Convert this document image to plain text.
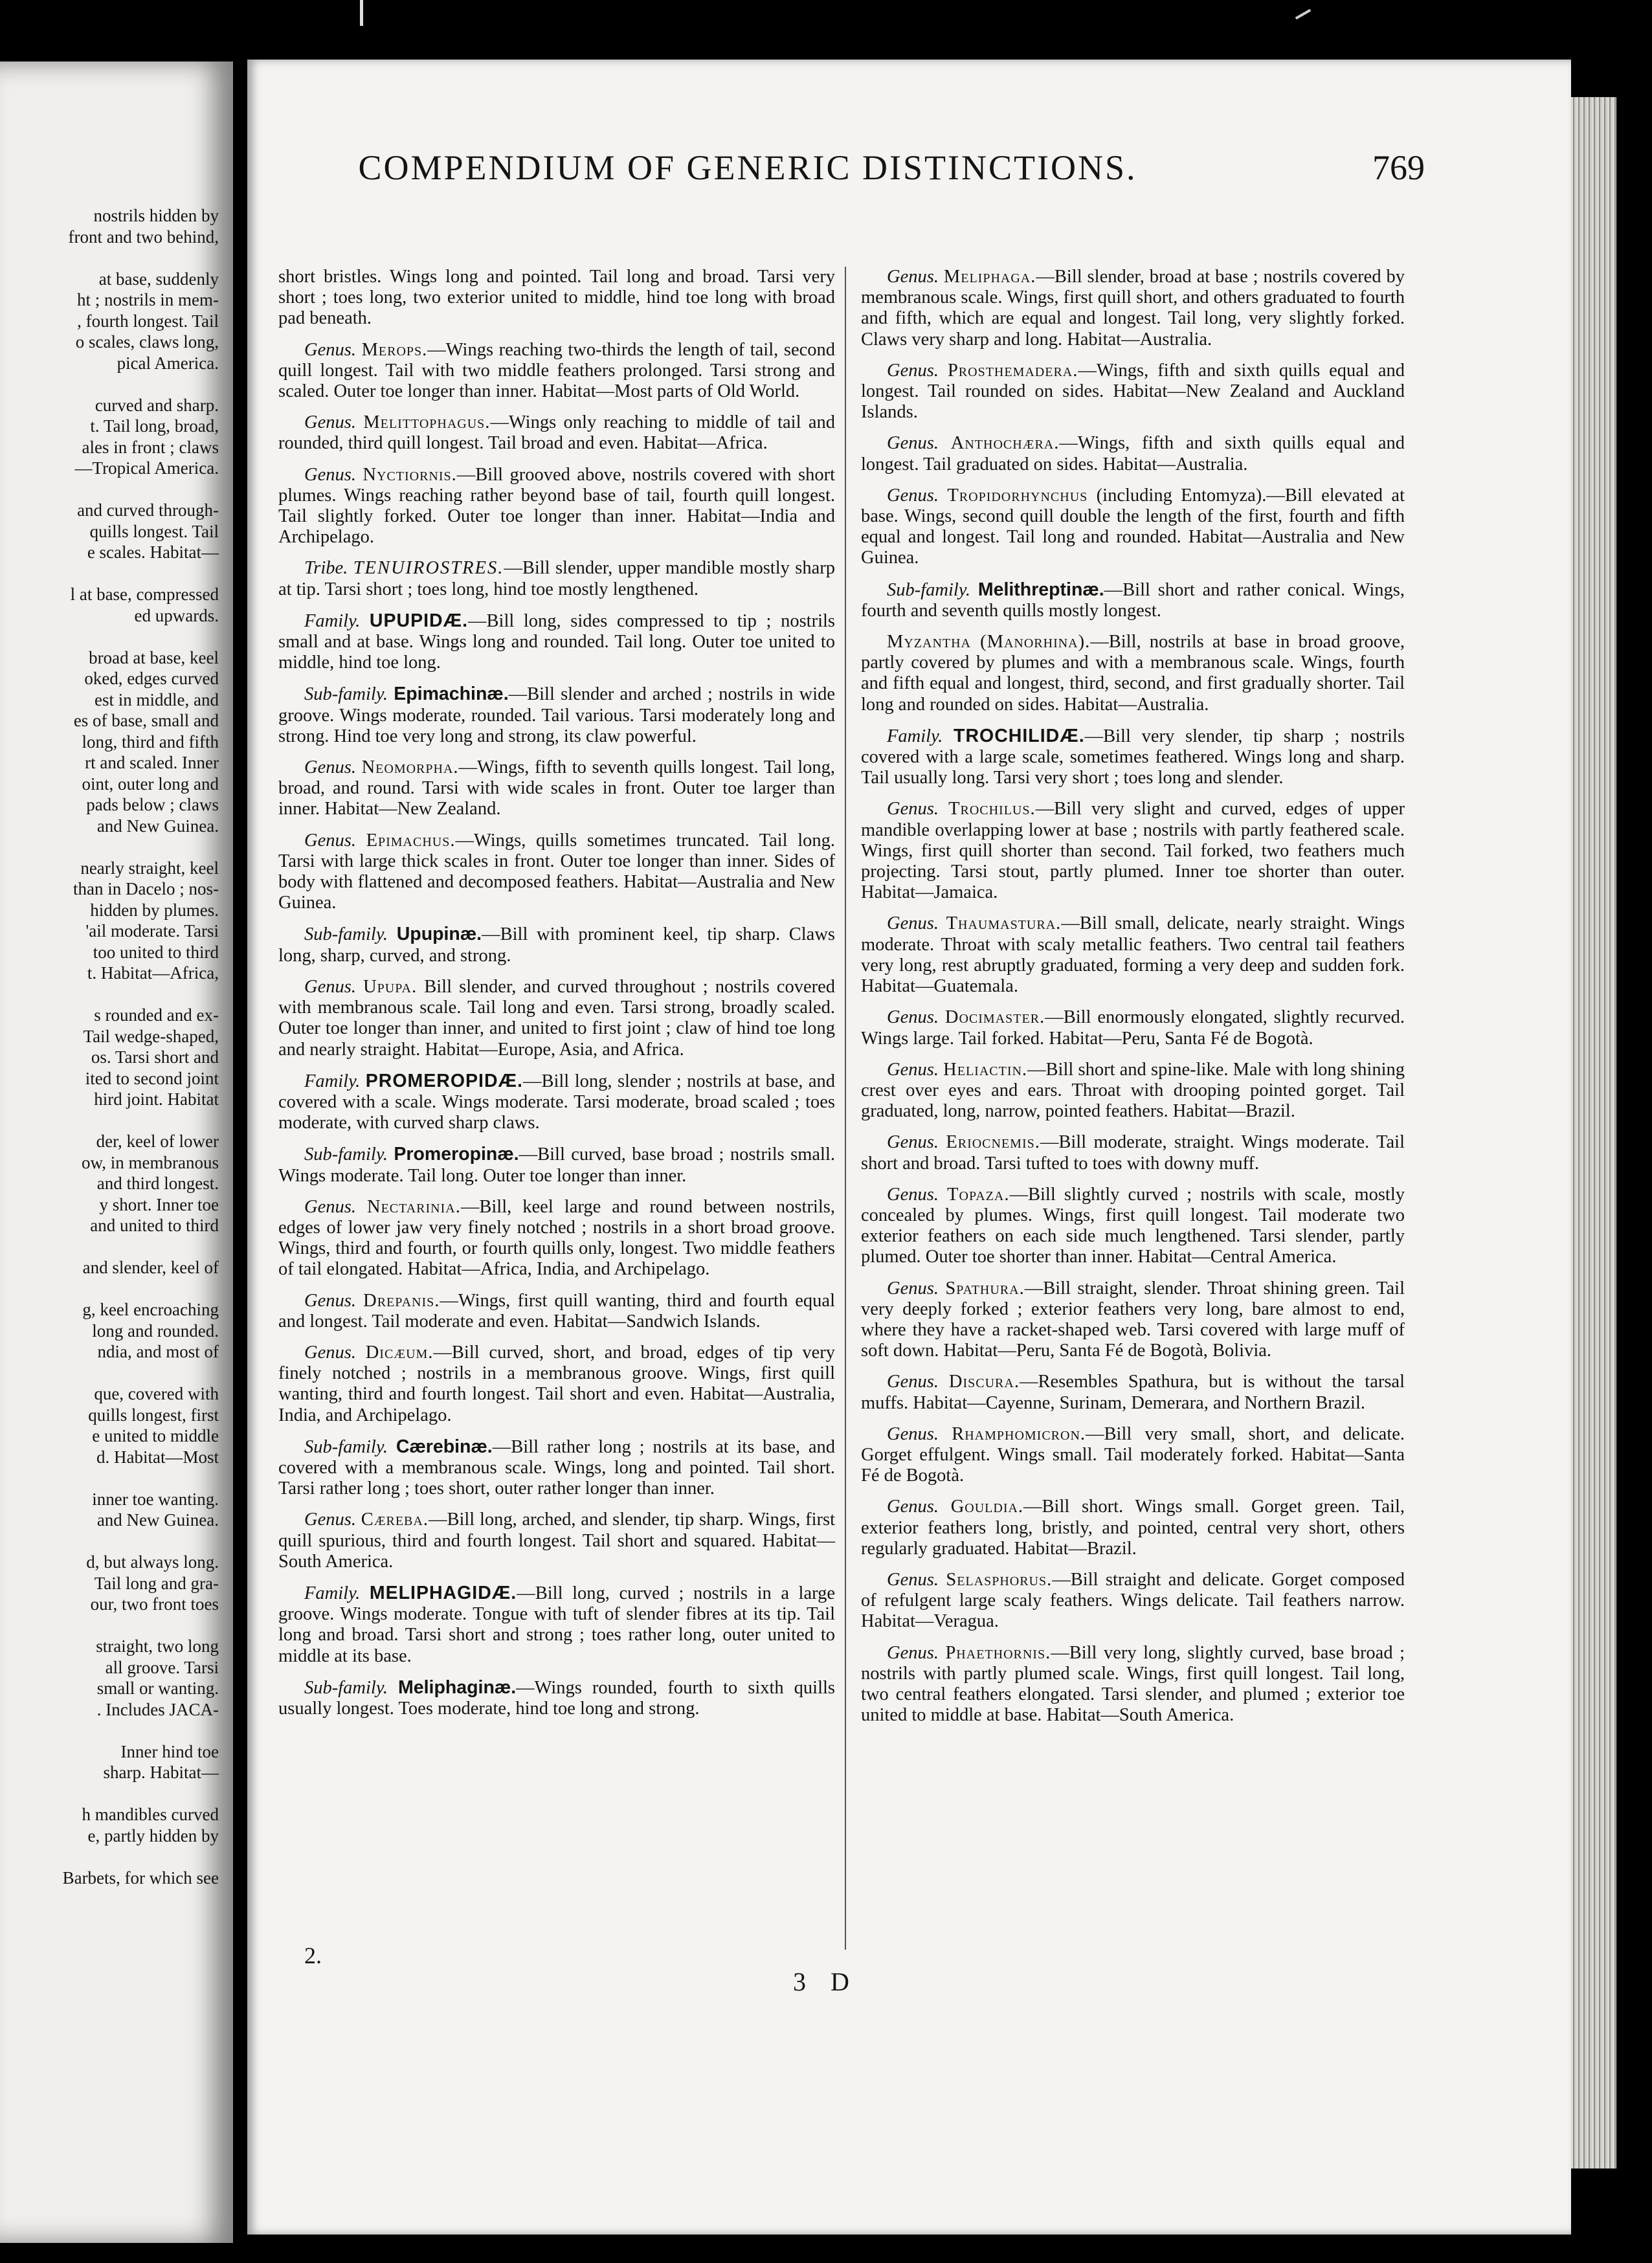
nostrils hidden by
front and two behind,
at base, suddenly
ht ; nostrils in mem-
, fourth longest. Tail
o scales, claws long,
pical America.
curved and sharp.
t. Tail long, broad,
ales in front ; claws
—Tropical America.
and curved through-
quills longest. Tail
e scales. Habitat—
l at base, compressed
ed upwards.
broad at base, keel
oked, edges curved
est in middle, and
es of base, small and
long, third and fifth
rt and scaled. Inner
oint, outer long and
pads below ; claws
and New Guinea.
nearly straight, keel
than in Dacelo ; nos-
hidden by plumes.
'ail moderate. Tarsi
too united to third
t. Habitat—Africa,
s rounded and ex-
Tail wedge-shaped,
os. Tarsi short and
ited to second joint
hird joint. Habitat
der, keel of lower
ow, in membranous
and third longest.
y short. Inner toe
and united to third
and slender, keel of
g, keel encroaching
long and rounded.
ndia, and most of
que, covered with
quills longest, first
e united to middle
d. Habitat—Most
inner toe wanting.
and New Guinea.
d, but always long.
Tail long and gra-
our, two front toes
straight, two long
all groove. Tarsi
small or wanting.
. Includes JACA-
Inner hind toe
sharp. Habitat—
h mandibles curved
e, partly hidden by
Barbets, for which see
COMPENDIUM OF GENERIC DISTINCTIONS.	769

short bristles. Wings long and pointed. Tail long and broad. Tarsi very short ; toes long, two exterior united to middle, hind toe long with broad pad beneath.

Genus. Merops.—Wings reaching two-thirds the length of tail, second quill longest. Tail with two middle feathers prolonged. Tarsi strong and scaled. Outer toe longer than inner. Habitat—Most parts of Old World.

Genus. Melittophagus.—Wings only reaching to middle of tail and rounded, third quill longest. Tail broad and even. Habitat—Africa.

Genus. Nyctiornis.—Bill grooved above, nostrils covered with short plumes. Wings reaching rather beyond base of tail, fourth quill longest. Tail slightly forked. Outer toe longer than inner. Habitat—India and Archipelago.

Tribe. TENUIROSTRES.—Bill slender, upper mandible mostly sharp at tip. Tarsi short ; toes long, hind toe mostly lengthened.

Family. UPUPIDÆ.—Bill long, sides compressed to tip ; nostrils small and at base. Wings long and rounded. Tail long. Outer toe united to middle, hind toe long.

Sub-family. Epimachinæ.—Bill slender and arched ; nostrils in wide groove. Wings moderate, rounded. Tail various. Tarsi moderately long and strong. Hind toe very long and strong, its claw powerful.

Genus. Neomorpha.—Wings, fifth to seventh quills longest. Tail long, broad, and round. Tarsi with wide scales in front. Outer toe larger than inner. Habitat—New Zealand.

Genus. Epimachus.—Wings, quills sometimes truncated. Tail long. Tarsi with large thick scales in front. Outer toe longer than inner. Sides of body with flattened and decomposed feathers. Habitat—Australia and New Guinea.

Sub-family. Upupinæ.—Bill with prominent keel, tip sharp. Claws long, sharp, curved, and strong.

Genus. Upupa. Bill slender, and curved throughout ; nostrils covered with membranous scale. Tail long and even. Tarsi strong, broadly scaled. Outer toe longer than inner, and united to first joint ; claw of hind toe long and nearly straight. Habitat—Europe, Asia, and Africa.

Family. PROMEROPIDÆ.—Bill long, slender ; nostrils at base, and covered with a scale. Wings moderate. Tarsi moderate, broad scaled ; toes moderate, with curved sharp claws.

Sub-family. Promeropinæ.—Bill curved, base broad ; nostrils small. Wings moderate. Tail long. Outer toe longer than inner.

Genus. Nectarinia.—Bill, keel large and round between nostrils, edges of lower jaw very finely notched ; nostrils in a short broad groove. Wings, third and fourth, or fourth quills only, longest. Two middle feathers of tail elongated. Habitat—Africa, India, and Archipelago.

Genus. Drepanis.—Wings, first quill wanting, third and fourth equal and longest. Tail moderate and even. Habitat—Sandwich Islands.

Genus. Dicæum.—Bill curved, short, and broad, edges of tip very finely notched ; nostrils in a membranous groove. Wings, first quill wanting, third and fourth longest. Tail short and even. Habitat—Australia, India, and Archipelago.

Sub-family. Cærebinæ.—Bill rather long ; nostrils at its base, and covered with a membranous scale. Wings, long and pointed. Tail short. Tarsi rather long ; toes short, outer rather longer than inner.

Genus. Cæreba.—Bill long, arched, and slender, tip sharp. Wings, first quill spurious, third and fourth longest. Tail short and squared. Habitat—South America.

Family. MELIPHAGIDÆ.—Bill long, curved ; nostrils in a large groove. Wings moderate. Tongue with tuft of slender fibres at its tip. Tail long and broad. Tarsi short and strong ; toes rather long, outer united to middle at its base.

Sub-family. Meliphaginæ.—Wings rounded, fourth to sixth quills usually longest. Toes moderate, hind toe long and strong.

Genus. Meliphaga.—Bill slender, broad at base ; nostrils covered by membranous scale. Wings, first quill short, and others graduated to fourth and fifth, which are equal and longest. Tail long, very slightly forked. Claws very sharp and long. Habitat—Australia.

Genus. Prosthemadera.—Wings, fifth and sixth quills equal and longest. Tail rounded on sides. Habitat—New Zealand and Auckland Islands.

Genus. Anthochæra.—Wings, fifth and sixth quills equal and longest. Tail graduated on sides. Habitat—Australia.

Genus. Tropidorhynchus (including Entomyza).—Bill elevated at base. Wings, second quill double the length of the first, fourth and fifth equal and longest. Tail long and rounded. Habitat—Australia and New Guinea.

Sub-family. Melithreptinæ.—Bill short and rather conical. Wings, fourth and seventh quills mostly longest.

Myzantha (Manorhina).—Bill, nostrils at base in broad groove, partly covered by plumes and with a membranous scale. Wings, fourth and fifth equal and longest, third, second, and first gradually shorter. Tail long and rounded on sides. Habitat—Australia.

Family. TROCHILIDÆ.—Bill very slender, tip sharp ; nostrils covered with a large scale, sometimes feathered. Wings long and sharp. Tail usually long. Tarsi very short ; toes long and slender.

Genus. Trochilus.—Bill very slight and curved, edges of upper mandible overlapping lower at base ; nostrils with partly feathered scale. Wings, first quill shorter than second. Tail forked, two feathers much projecting. Tarsi stout, partly plumed. Inner toe shorter than outer. Habitat—Jamaica.

Genus. Thaumastura.—Bill small, delicate, nearly straight. Wings moderate. Throat with scaly metallic feathers. Two central tail feathers very long, rest abruptly graduated, forming a very deep and sudden fork. Habitat—Guatemala.

Genus. Docimaster.—Bill enormously elongated, slightly recurved. Wings large. Tail forked. Habitat—Peru, Santa Fé de Bogotà.

Genus. Heliactin.—Bill short and spine-like. Male with long shining crest over eyes and ears. Throat with drooping pointed gorget. Tail graduated, long, narrow, pointed feathers. Habitat—Brazil.

Genus. Eriocnemis.—Bill moderate, straight. Wings moderate. Tail short and broad. Tarsi tufted to toes with downy muff.

Genus. Topaza.—Bill slightly curved ; nostrils with scale, mostly concealed by plumes. Wings, first quill longest. Tail moderate two exterior feathers on each side much lengthened. Tarsi slender, partly plumed. Outer toe shorter than inner. Habitat—Central America.

Genus. Spathura.—Bill straight, slender. Throat shining green. Tail very deeply forked ; exterior feathers very long, bare almost to end, where they have a racket-shaped web. Tarsi covered with large muff of soft down. Habitat—Peru, Santa Fé de Bogotà, Bolivia.

Genus. Discura.—Resembles Spathura, but is without the tarsal muffs. Habitat—Cayenne, Surinam, Demerara, and Northern Brazil.

Genus. Rhamphomicron.—Bill very small, short, and delicate. Gorget effulgent. Wings small. Tail moderately forked. Habitat—Santa Fé de Bogotà.

Genus. Gouldia.—Bill short. Wings small. Gorget green. Tail, exterior feathers long, bristly, and pointed, central very short, others regularly graduated. Habitat—Brazil.

Genus. Selasphorus.—Bill straight and delicate. Gorget composed of refulgent large scaly feathers. Wings delicate. Tail feathers narrow. Habitat—Veragua.

Genus. Phaethornis.—Bill very long, slightly curved, base broad ; nostrils with partly plumed scale. Wings, first quill longest. Tail long, two central feathers elongated. Tarsi slender, and plumed ; exterior toe united to middle at base. Habitat—South America.

2.
3 D
